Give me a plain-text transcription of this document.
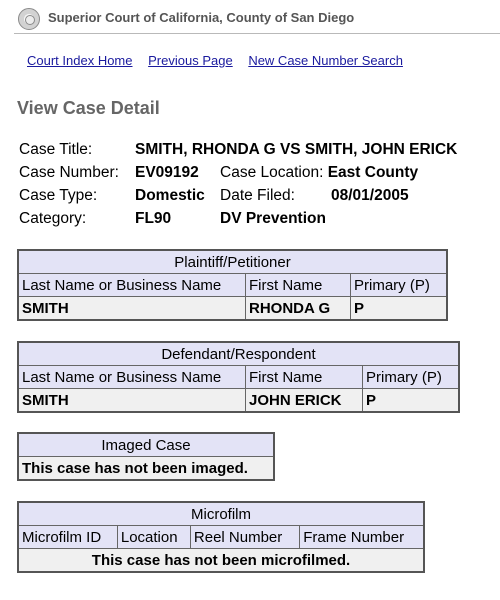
Superior Court of California, County of San Diego
Court Index Home Previous Page New Case Number Search
View Case Detail
Case Title:	SMITH, RHONDA G VS SMITH, JOHN ERICK
Case Number: EV09192 Case Location: East County
Case Type: Domestic Date Filed: 08/01/2005
Category:	FL90	DV Prevention
Plaintiff/Petitioner		
Last Name or Business Name	First Name	Primary (P)
SMITH	RHONDA G	P
Defendant/Respondent		
Last Name or Business Name	First Name	Primary (P)
SMITH	JOHN ERICK	P
Imaged Case
This case has not been imaged.
Microfilm
Microfilm ID	Location	Reel Number	Frame Number
This case has not been microfilmed.
